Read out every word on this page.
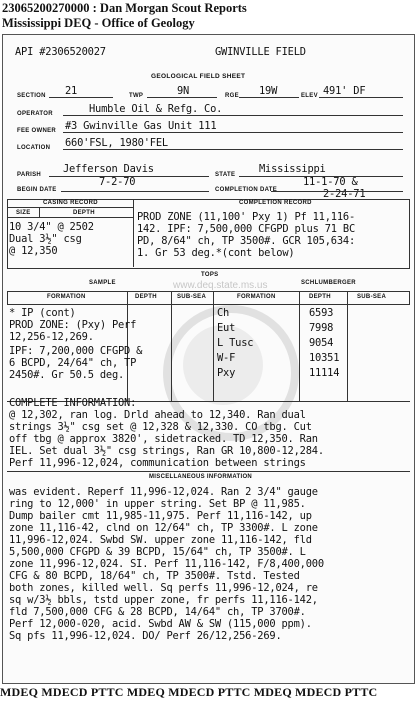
23065200270000 : Dan Morgan Scout Reports
Mississippi DEQ - Office of Geology
www.deq.state.ms.us
API #2306520027	GWINVILLE FIELD
GEOLOGICAL FIELD SHEET
SECTION 21	TWP	9N	RGE 19W	ELEV 491' DF
OPERATOR	Humble Oil & Refg. Co.
FEE OWNER #3 Gwinville Gas Unit 111
LOCATION 660'FSL, 1980'FEL
PARISH Jefferson Davis	STATE Mississippi
BEGIN DATE
7-2-70
COMPLETION DATE
11-1-70 &
2-24-71
CASING RECORD
SIZE	DEPTH
COMPLETION RECORD
10 3/4" @ 2502
Dual 3½" csg
@ 12,350
PROD ZONE (11,100' Pxy 1) Pf 11,116-
142. IPF: 7,500,000 CFGPD plus 71 BC
PD, 8/64" ch, TP 3500#. GCR 105,634:
1. Gr 53 deg.*(cont below)
TOPS
SAMPLE	SCHLUMBERGER
FORMATION	DEPTH	SUB-SEA	FORMATION	DEPTH	SUB-SEA
* IP (cont)
PROD ZONE: (Pxy) Perf
12,256-12,269.
IPF: 7,200,000 CFGPD &
6 BCPD, 24/64" ch, TP
2450#. Gr 50.5 deg.
Ch	6593
Eut	7998
L Tusc	9054
W-F	10351
Pxy	11114
COMPLETE INFORMATION:
@ 12,302, ran log. Drld ahead to 12,340. Ran dual
strings 3½" csg set @ 12,328 & 12,330. CO tbg. Cut
off tbg @ approx 3820', sidetracked. TD 12,350. Ran
IEL. Set dual 3½" csg strings, Ran GR 10,800-12,284.
Perf 11,996-12,024, communication between strings
MISCELLANEOUS INFORMATION
was evident. Reperf 11,996-12,024. Ran 2 3/4" gauge
ring to 12,000' in upper string. Set BP @ 11,985.
Dump bailer cmt 11,985-11,975. Perf 11,116-142, up
zone 11,116-42, clnd on 12/64" ch, TP 3300#. L zone
11,996-12,024. Swbd SW. upper zone 11,116-142, fld
5,500,000 CFGPD & 39 BCPD, 15/64" ch, TP 3500#. L
zone 11,996-12,024. SI. Perf 11,116-142, F/8,400,000
CFG & 80 BCPD, 18/64" ch, TP 3500#. Tstd. Tested
both zones, killed well. Sq perfs 11,996-12,024, re
sq w/3½ bbls, tstd upper zone, fr perfs 11,116-142,
fld 7,500,000 CFG & 28 BCPD, 14/64" ch, TP 3700#.
Perf 12,000-020, acid. Swbd AW & SW (115,000 ppm).
Sq pfs 11,996-12,024. DO/ Perf 26/12,256-269.
MDEQ MDECD PTTC MDEQ MDECD PTTC MDEQ MDECD PTTC
